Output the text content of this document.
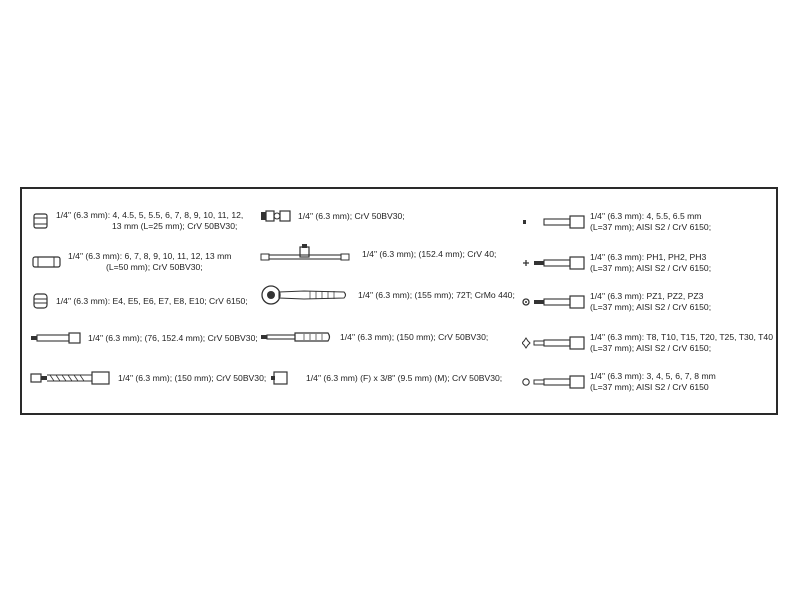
1/4" (6.3 mm): 4, 4.5, 5, 5.5, 6, 7, 8, 9, 10, 11, 12,
13 mm (L=25 mm); CrV 50BV30;
1/4" (6.3 mm): 6, 7, 8, 9, 10, 11, 12, 13 mm
(L=50 mm); CrV 50BV30;
1/4" (6.3 mm): E4, E5, E6, E7, E8, E10; CrV 6150;
1/4" (6.3 mm); (76, 152.4 mm); CrV 50BV30;
1/4" (6.3 mm); (150 mm); CrV 50BV30;
1/4" (6.3 mm); CrV 50BV30;
1/4" (6.3 mm); (152.4 mm); CrV 40;
1/4" (6.3 mm); (155 mm); 72T; CrMo 440;
1/4" (6.3 mm); (150 mm); CrV 50BV30;
1/4" (6.3 mm) (F) x 3/8" (9.5 mm) (M); CrV 50BV30;
1/4" (6.3 mm): 4, 5.5, 6.5 mm
(L=37 mm); AISI S2 / CrV 6150;
1/4" (6.3 mm): PH1, PH2, PH3
(L=37 mm); AISI S2 / CrV 6150;
1/4" (6.3 mm): PZ1, PZ2, PZ3
(L=37 mm); AISI S2 / CrV 6150;
1/4" (6.3 mm): T8, T10, T15, T20, T25, T30, T40
(L=37 mm); AISI S2 / CrV 6150;
1/4" (6.3 mm): 3, 4, 5, 6, 7, 8 mm
(L=37 mm); AISI S2 / CrV 6150
